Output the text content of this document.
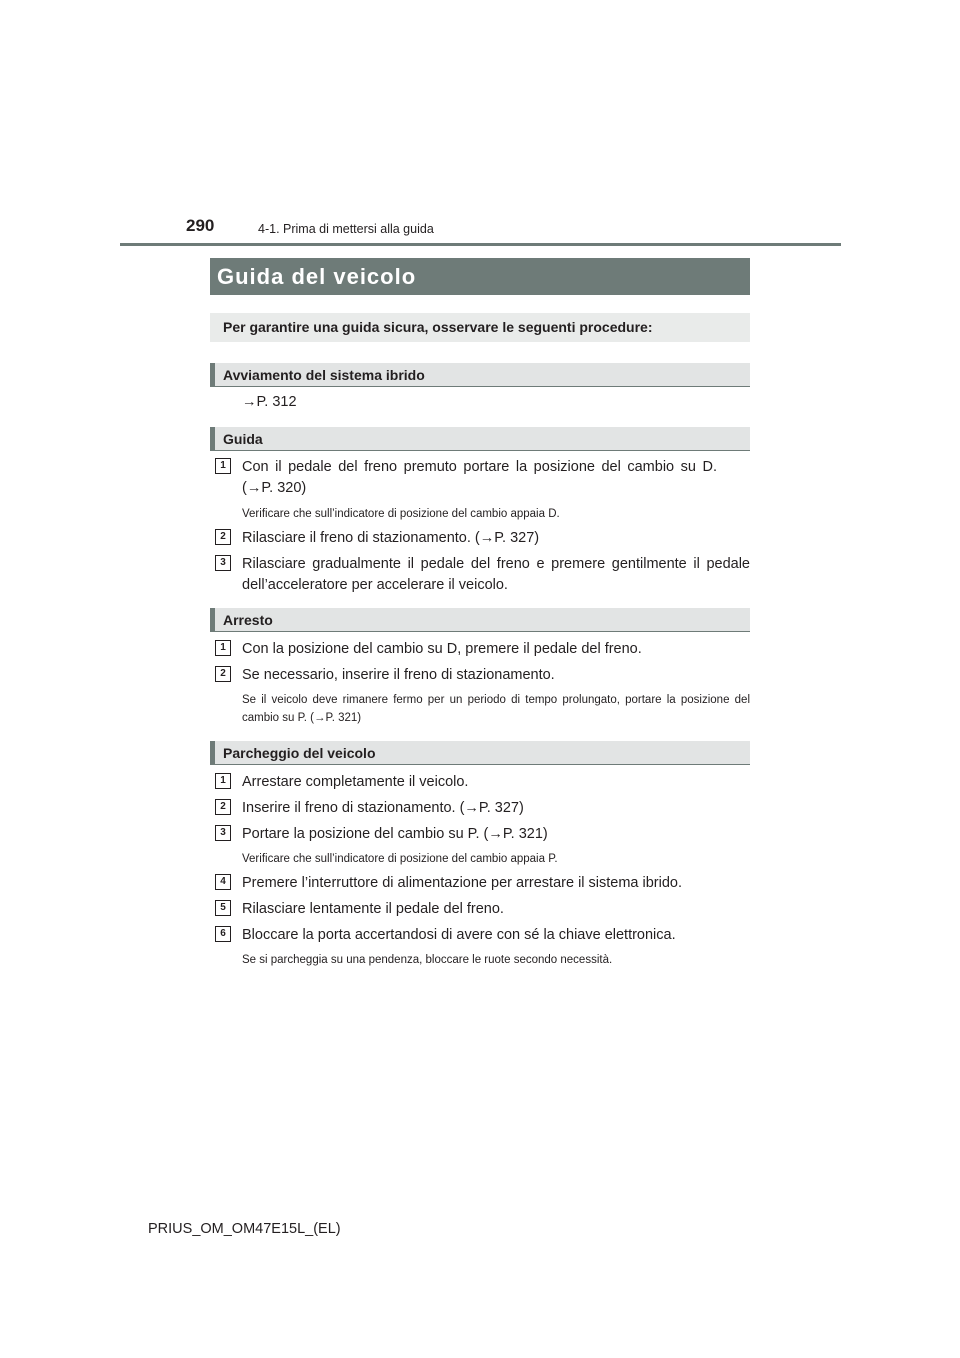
290	4-1. Prima di mettersi alla guida
Guida del veicolo
Per garantire una guida sicura, osservare le seguenti procedure:
Avviamento del sistema ibrido
→P. 312
Guida
1	Con il pedale del freno premuto portare la posizione del cambio su D. (→P. 320)
Verificare che sull’indicatore di posizione del cambio appaia D.
2	Rilasciare il freno di stazionamento. (→P. 327)
3	Rilasciare gradualmente il pedale del freno e premere gentilmente il pedale dell’acceleratore per accelerare il veicolo.
Arresto
1	Con la posizione del cambio su D, premere il pedale del freno.
2	Se necessario, inserire il freno di stazionamento.
Se il veicolo deve rimanere fermo per un periodo di tempo prolungato, portare la posizione del cambio su P. (→P. 321)
Parcheggio del veicolo
1	Arrestare completamente il veicolo.
2	Inserire il freno di stazionamento. (→P. 327)
3	Portare la posizione del cambio su P. (→P. 321)
Verificare che sull’indicatore di posizione del cambio appaia P.
4	Premere l’interruttore di alimentazione per arrestare il sistema ibrido.
5	Rilasciare lentamente il pedale del freno.
6	Bloccare la porta accertandosi di avere con sé la chiave elettronica.
Se si parcheggia su una pendenza, bloccare le ruote secondo necessità.
PRIUS_OM_OM47E15L_(EL)
